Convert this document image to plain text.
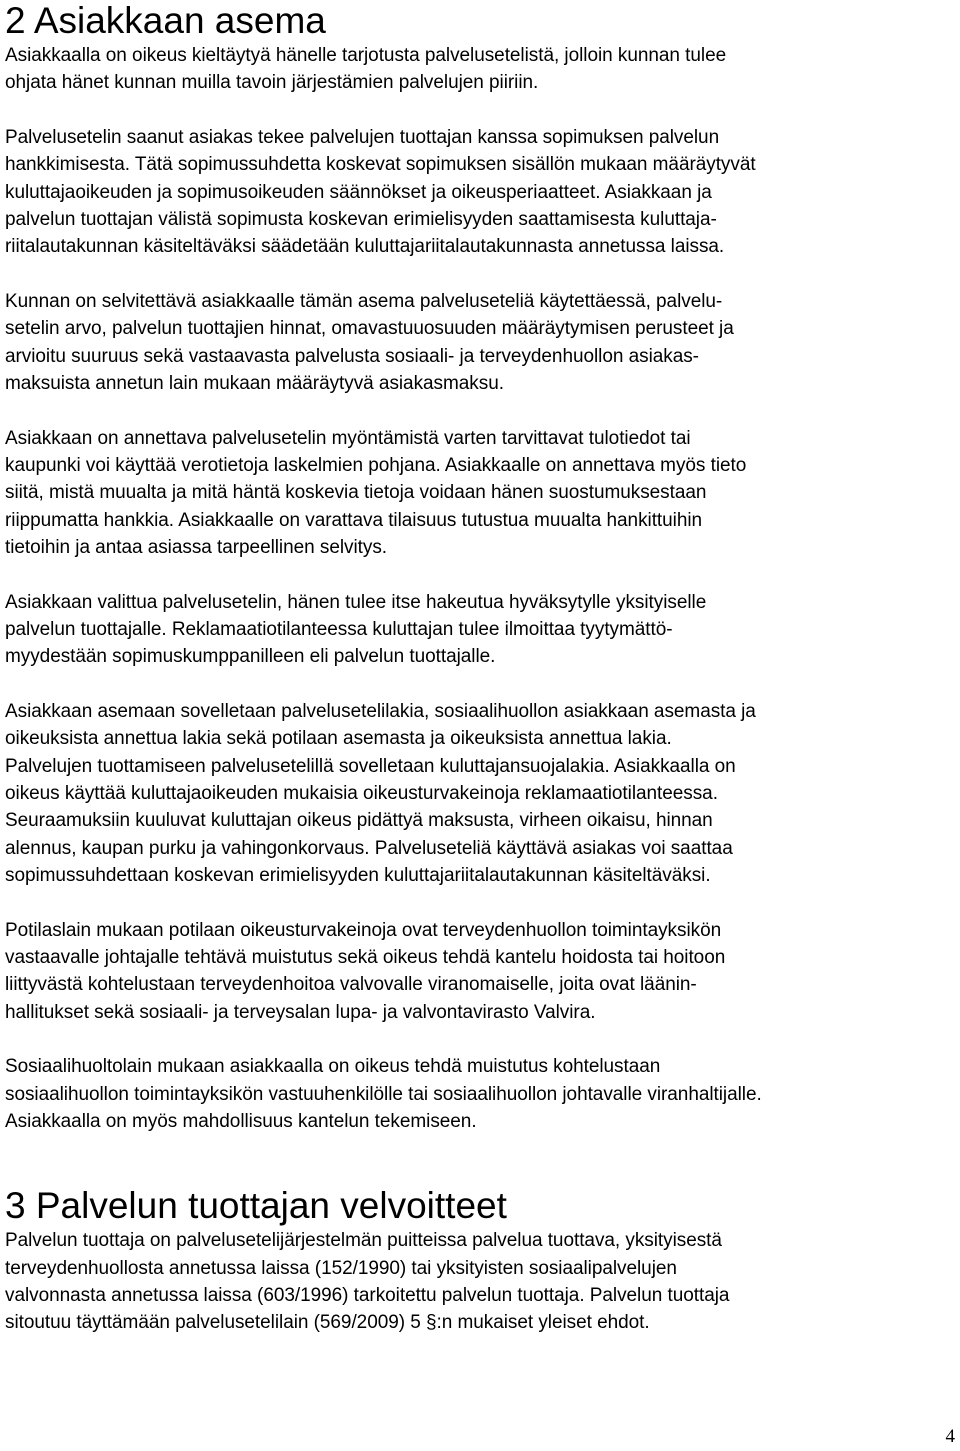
2 Asiakkaan asema

Asiakkaalla on oikeus kieltäytyä hänelle tarjotusta palvelusetelistä, jolloin kunnan tulee
ohjata hänet kunnan muilla tavoin järjestämien palvelujen piiriin.

Palvelusetelin saanut asiakas tekee palvelujen tuottajan kanssa sopimuksen palvelun
hankkimisesta. Tätä sopimussuhdetta koskevat sopimuksen sisällön mukaan määräytyvät
kuluttajaoikeuden ja sopimusoikeuden säännökset ja oikeusperiaatteet. Asiakkaan ja
palvelun tuottajan välistä sopimusta koskevan erimielisyyden saattamisesta kuluttaja-
riitalautakunnan käsiteltäväksi säädetään kuluttajariitalautakunnasta annetussa laissa.

Kunnan on selvitettävä asiakkaalle tämän asema palveluseteliä käytettäessä, palvelu-
setelin arvo, palvelun tuottajien hinnat, omavastuuosuuden määräytymisen perusteet ja
arvioitu suuruus sekä vastaavasta palvelusta sosiaali- ja terveydenhuollon asiakas-
maksuista annetun lain mukaan määräytyvä asiakasmaksu.

Asiakkaan on annettava palvelusetelin myöntämistä varten tarvittavat tulotiedot tai
kaupunki voi käyttää verotietoja laskelmien pohjana. Asiakkaalle on annettava myös tieto
siitä, mistä muualta ja mitä häntä koskevia tietoja voidaan hänen suostumuksestaan
riippumatta hankkia. Asiakkaalle on varattava tilaisuus tutustua muualta hankittuihin
tietoihin ja antaa asiassa tarpeellinen selvitys.

Asiakkaan valittua palvelusetelin, hänen tulee itse hakeutua hyväksytylle yksityiselle
palvelun tuottajalle. Reklamaatiotilanteessa kuluttajan tulee ilmoittaa tyytymättö-
myydestään sopimuskumppanilleen eli palvelun tuottajalle.

Asiakkaan asemaan sovelletaan palvelusetelilakia, sosiaalihuollon asiakkaan asemasta ja
oikeuksista annettua lakia sekä potilaan asemasta ja oikeuksista annettua lakia.
Palvelujen tuottamiseen palvelusetelillä sovelletaan kuluttajansuojalakia. Asiakkaalla on
oikeus käyttää kuluttajaoikeuden mukaisia oikeusturvakeinoja reklamaatiotilanteessa.
Seuraamuksiin kuuluvat kuluttajan oikeus pidättyä maksusta, virheen oikaisu, hinnan
alennus, kaupan purku ja vahingonkorvaus. Palveluseteliä käyttävä asiakas voi saattaa
sopimussuhdettaan koskevan erimielisyyden kuluttajariitalautakunnan käsiteltäväksi.

Potilaslain mukaan potilaan oikeusturvakeinoja ovat terveydenhuollon toimintayksikön
vastaavalle johtajalle tehtävä muistutus sekä oikeus tehdä kantelu hoidosta tai hoitoon
liittyvästä kohtelustaan terveydenhoitoa valvovalle viranomaiselle, joita ovat läänin-
hallitukset sekä sosiaali- ja terveysalan lupa- ja valvontavirasto Valvira.

Sosiaalihuoltolain mukaan asiakkaalla on oikeus tehdä muistutus kohtelustaan
sosiaalihuollon toimintayksikön vastuuhenkilölle tai sosiaalihuollon johtavalle viranhaltijalle.
Asiakkaalla on myös mahdollisuus kantelun tekemiseen.

3 Palvelun tuottajan velvoitteet

Palvelun tuottaja on palvelusetelijärjestelmän puitteissa palvelua tuottava, yksityisestä
terveydenhuollosta annetussa laissa (152/1990) tai yksityisten sosiaalipalvelujen
valvonnasta annetussa laissa (603/1996) tarkoitettu palvelun tuottaja. Palvelun tuottaja
sitoutuu täyttämään palvelusetelilain (569/2009) 5 §:n mukaiset yleiset ehdot.

4
